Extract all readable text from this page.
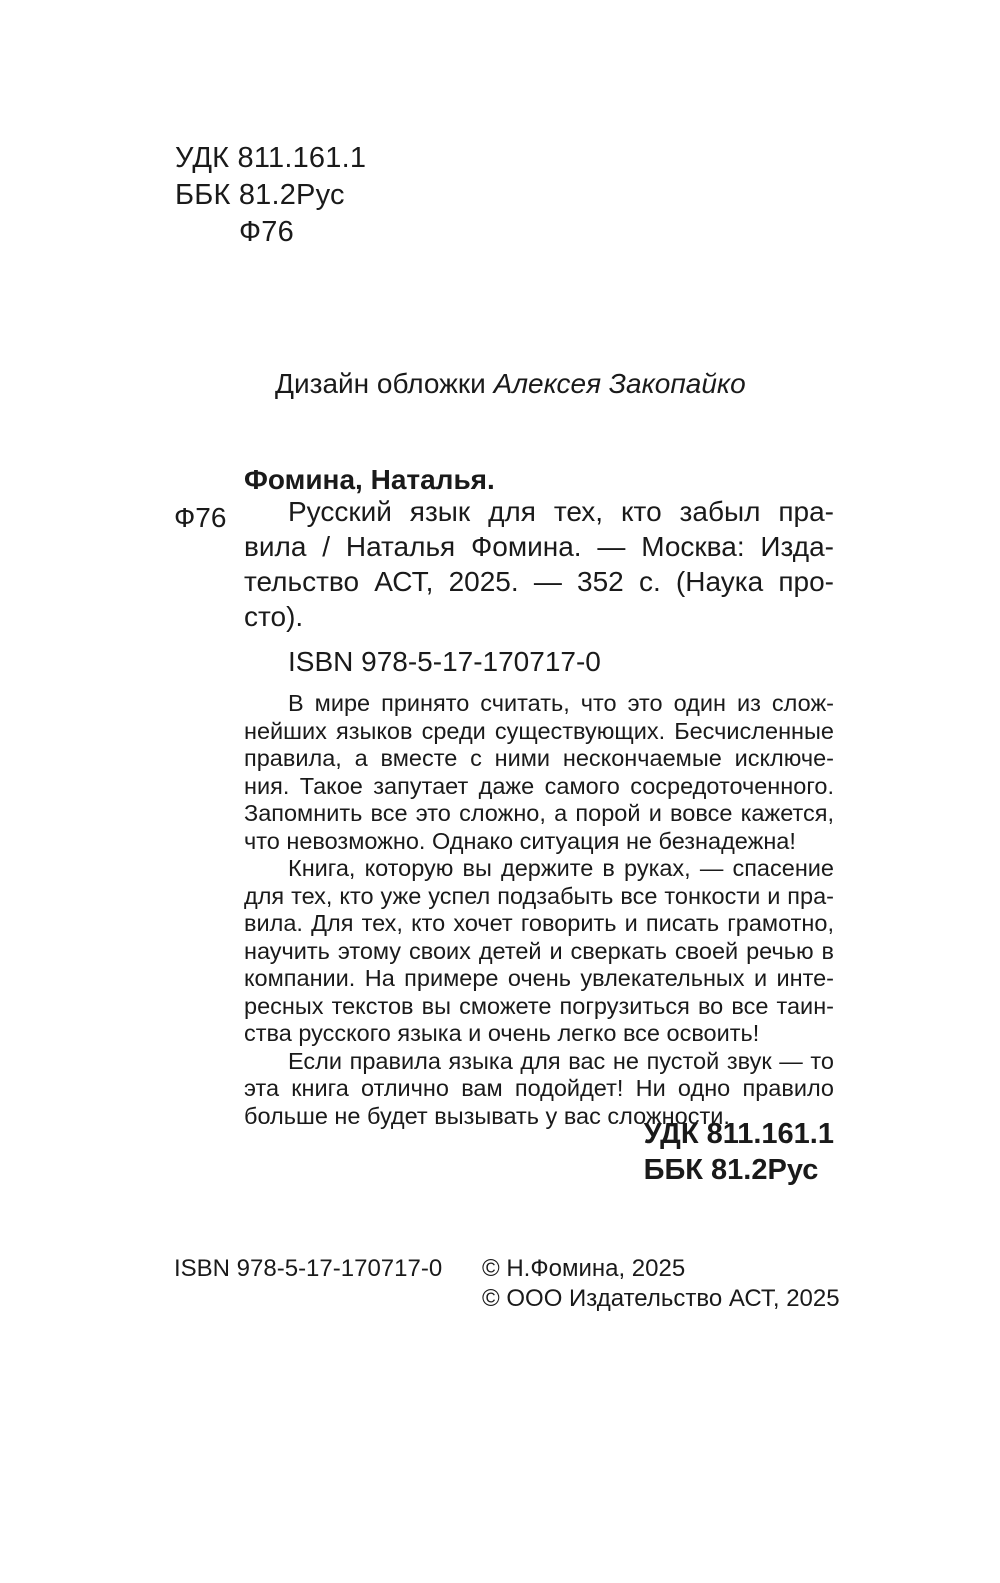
УДК 811.161.1
ББК 81.2Рус
Ф76
Дизайн обложки Алексея Закопайко
Фомина, Наталья.
Ф76	Русский язык для тех, кто забыл пра-
вила / Наталья Фомина. — Москва: Изда-
тельство АСТ, 2025. — 352 с. (Наука про-
сто).
ISBN 978-5-17-170717-0
В мире принято считать, что это один из слож-
нейших языков среди существующих. Бесчисленные
правила, а вместе с ними нескончаемые исключе-
ния. Такое запутает даже самого сосредоточенного.
Запомнить все это сложно, а порой и вовсе кажется,
что невозможно. Однако ситуация не безнадежна!
Книга, которую вы держите в руках, — спасение
для тех, кто уже успел подзабыть все тонкости и пра-
вила. Для тех, кто хочет говорить и писать грамотно,
научить этому своих детей и сверкать своей речью в
компании. На примере очень увлекательных и инте-
ресных текстов вы сможете погрузиться во все таин-
ства русского языка и очень легко все освоить!
Если правила языка для вас не пустой звук — то
эта книга отлично вам подойдет! Ни одно правило
больше не будет вызывать у вас сложности.
УДК 811.161.1
ББК 81.2Рус
ISBN 978-5-17-170717-0	© Н.Фомина, 2025
© ООО Издательство АСТ, 2025
